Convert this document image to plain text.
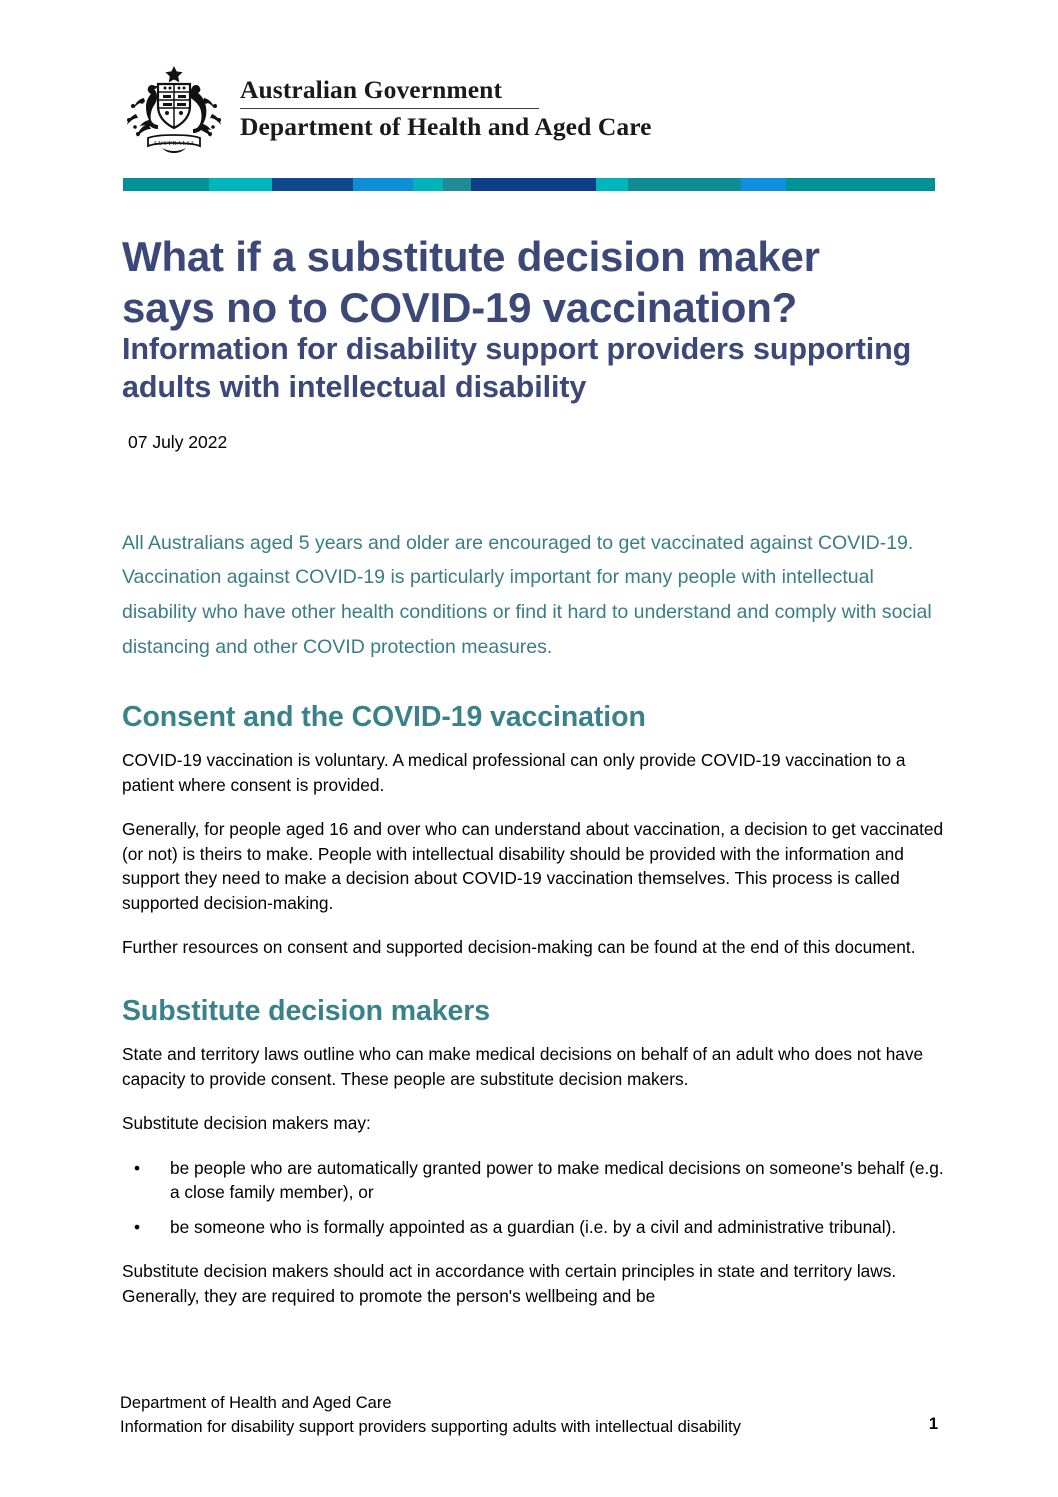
AUSTRALIA
Australian Government
Department of Health and Aged Care
What if a substitute decision maker says no to COVID-19 vaccination?
Information for disability support providers supporting adults with intellectual disability
07 July 2022

All Australians aged 5 years and older are encouraged to get vaccinated against COVID-19. Vaccination against COVID-19 is particularly important for many people with intellectual disability who have other health conditions or find it hard to understand and comply with social distancing and other COVID protection measures.

Consent and the COVID-19 vaccination

COVID-19 vaccination is voluntary. A medical professional can only provide COVID-19 vaccination to a patient where consent is provided.

Generally, for people aged 16 and over who can understand about vaccination, a decision to get vaccinated (or not) is theirs to make. People with intellectual disability should be provided with the information and support they need to make a decision about COVID-19 vaccination themselves. This process is called supported decision-making.

Further resources on consent and supported decision-making can be found at the end of this document.

Substitute decision makers

State and territory laws outline who can make medical decisions on behalf of an adult who does not have capacity to provide consent. These people are substitute decision makers.

Substitute decision makers may:

• be people who are automatically granted power to make medical decisions on someone's behalf (e.g. a close family member), or
• be someone who is formally appointed as a guardian (i.e. by a civil and administrative tribunal).

Substitute decision makers should act in accordance with certain principles in state and territory laws. Generally, they are required to promote the person's wellbeing and be

Department of Health and Aged Care
Information for disability support providers supporting adults with intellectual disability	1
